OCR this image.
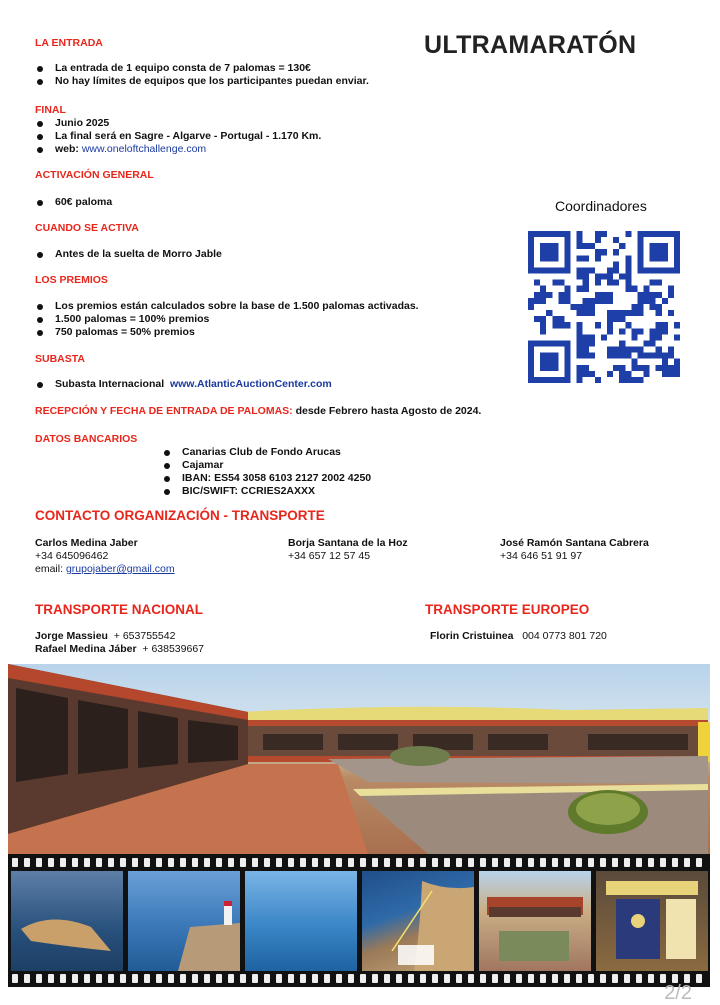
ULTRAMARATÓN
LA ENTRADA
La entrada de 1 equipo consta de 7 palomas = 130€
No hay límites de equipos que los participantes puedan enviar.
FINAL
Junio 2025
La final será en Sagre - Algarve - Portugal - 1.170 Km.
web: www.oneloftchallenge.com
ACTIVACIÓN GENERAL
60€ paloma
CUANDO SE ACTIVA
Antes de la suelta de Morro Jable
LOS PREMIOS
Los premios están calculados sobre la base de 1.500 palomas activadas.
1.500 palomas = 100% premios
750 palomas = 50% premios
SUBASTA
Subasta Internacional www.AtlanticAuctionCenter.com
RECEPCIÓN Y FECHA DE ENTRADA DE PALOMAS: desde Febrero hasta Agosto de 2024.
DATOS BANCARIOS
Canarias Club de Fondo Arucas
Cajamar
IBAN: ES54 3058 6103 2127 2002 4250
BIC/SWIFT: CCRIES2AXXX
Coordinadores
CONTACTO ORGANIZACIÓN - TRANSPORTE
Carlos Medina Jaber
+34 645096462
email: grupojaber@gmail.com
Borja Santana de la Hoz
+34 657 12 57 45
José Ramón Santana Cabrera
+34 646 51 91 97
TRANSPORTE NACIONAL
Jorge Massieu + 653755542
Rafael Medina Jáber + 638539667
TRANSPORTE EUROPEO
Florin Cristuinea 004 0773 801 720
2/2
